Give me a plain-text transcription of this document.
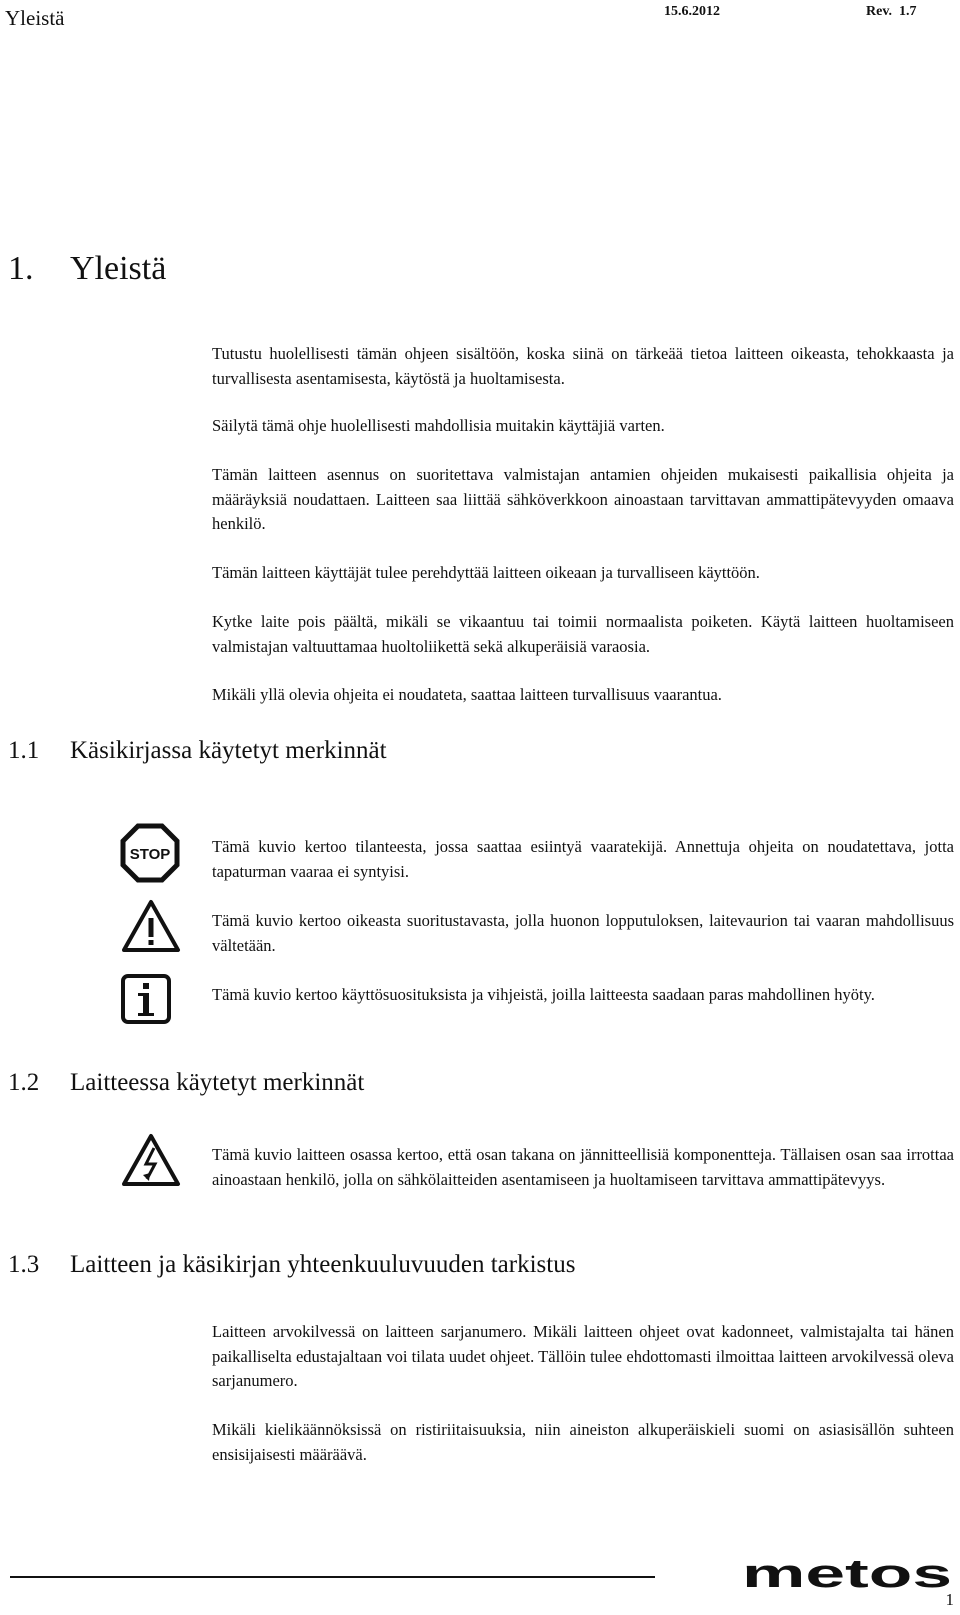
Yleistä	15.6.2012	Rev.  1.7
1. Yleistä

Tutustu huolellisesti tämän ohjeen sisältöön, koska siinä on tärkeää tietoa laitteen oikeasta, tehokkaasta ja turvallisesta asentamisesta, käytöstä ja huoltamisesta.

Säilytä tämä ohje huolellisesti mahdollisia muitakin käyttäjiä varten.

Tämän laitteen asennus on suoritettava valmistajan antamien ohjeiden mukaisesti paikallisia ohjeita ja määräyksiä noudattaen. Laitteen saa liittää sähköverkkoon ainoastaan tarvittavan ammattipätevyyden omaava henkilö.

Tämän laitteen käyttäjät tulee perehdyttää laitteen oikeaan ja turvalliseen käyttöön.

Kytke laite pois päältä, mikäli se vikaantuu tai toimii normaalista poiketen. Käytä laitteen huoltamiseen valmistajan valtuuttamaa huoltoliikettä sekä alkuperäisiä varaosia.

Mikäli yllä olevia ohjeita ei noudateta, saattaa laitteen turvallisuus vaarantua.

1.1 Käsikirjassa käytetyt merkinnät
STOP	Tämä kuvio kertoo tilanteesta, jossa saattaa esiintyä vaaratekijä. Annettuja ohjeita on noudatettava, jotta tapaturman vaaraa ei syntyisi.

Tämä kuvio kertoo oikeasta suoritustavasta, jolla huonon lopputuloksen, laitevaurion tai vaaran mahdollisuus vältetään.

Tämä kuvio kertoo käyttösuosituksista ja vihjeistä, joilla laitteesta saadaan paras mahdollinen hyöty.

1.2 Laitteessa käytetyt merkinnät

Tämä kuvio laitteen osassa kertoo, että osan takana on jännitteellisiä komponentteja. Tällaisen osan saa irrottaa ainoastaan henkilö, jolla on sähkölaitteiden asentamiseen ja huoltamiseen tarvittava ammattipätevyys.

1.3 Laitteen ja käsikirjan yhteenkuuluvuuden tarkistus

Laitteen arvokilvessä on laitteen sarjanumero. Mikäli laitteen ohjeet ovat kadonneet, valmistajalta tai hänen paikalliselta edustajaltaan voi tilata uudet ohjeet. Tällöin tulee ehdottomasti ilmoittaa laitteen arvokilvessä oleva sarjanumero.

Mikäli kielikäännöksissä on ristiriitaisuuksia, niin aineiston alkuperäiskieli suomi on asiasisällön suhteen ensisijaisesti määräävä.

metos
1
